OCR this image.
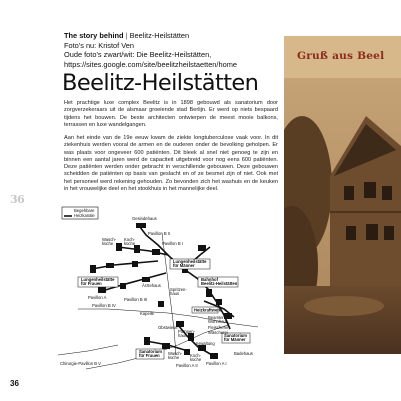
The story behind | Beelitz-Heilstätten
Foto's nu: Kristof Ven
Oude foto's zwart/wit: Die Beelitz-Heilstätten,
https://sites.google.com/site/beelitzheilstaetten/home
Beelitz-Heilstätten

Het prachtige luxe complex Beelitz is in 1898 gebouwd als sanatorium door zorgverzekeraars uit de alsmaar groeiende stad Berlijn. Er werd op niets bespaard tijdens het bouwen. De beste architecten ontwierpen de meest mooie balkons, terrassen en luxe wandelgangen.

Aan het einde van de 19e eeuw kwam de ziekte longtuberculose vaak voor. In dit ziekenhuis werden vooral de armen en de ouderen onder de bevolking geholpen. Er was plaats voor ongeveer 600 patiënten. Dit bleek al snel niet genoeg te zijn en binnen een aantal jaren werd de capaciteit uitgebreid voor nog eens 600 patiënten. Deze patiënten werden onder gebracht in verschillende gebouwen. Deze gebouwen scheidden de patiënten op basis van geslacht en of ze besmet zijn of niet. Ook met het personeel werd rekening gehouden. Zo bevonden zich het washuis en de keuken in het vrouwelijke deel en het stookhuis in het mannelijke deel.

36
36
Begehbare
Heizkanäle
Gesindehaus
Wasch-
küche
Koch-
küche
Pavillon B II
Pavillon B I
Lungenheilstätte
für Männer
Lungenheilstätte
für Frauen
Pavillon A
Ärztehaus
Pavillon B IV
Pavillon B III
Bahnhof
Beelitz-Heilstätten
Spritzen-
haus
Kapelle
Heizkraftwerk
Beamten-
Wohnhaus
Fleischerei
Wäscherei
Pumpen-
haus
Verwaltung
Obstwiese
Sanatorium
für Frauen
Sanatorium
für Männer
Wasch-
küche	Koch-
küche
Pavillon A II Pavillon A I
Badehaus
Chirurgie-Pavillon B V
Gruß aus Beel
